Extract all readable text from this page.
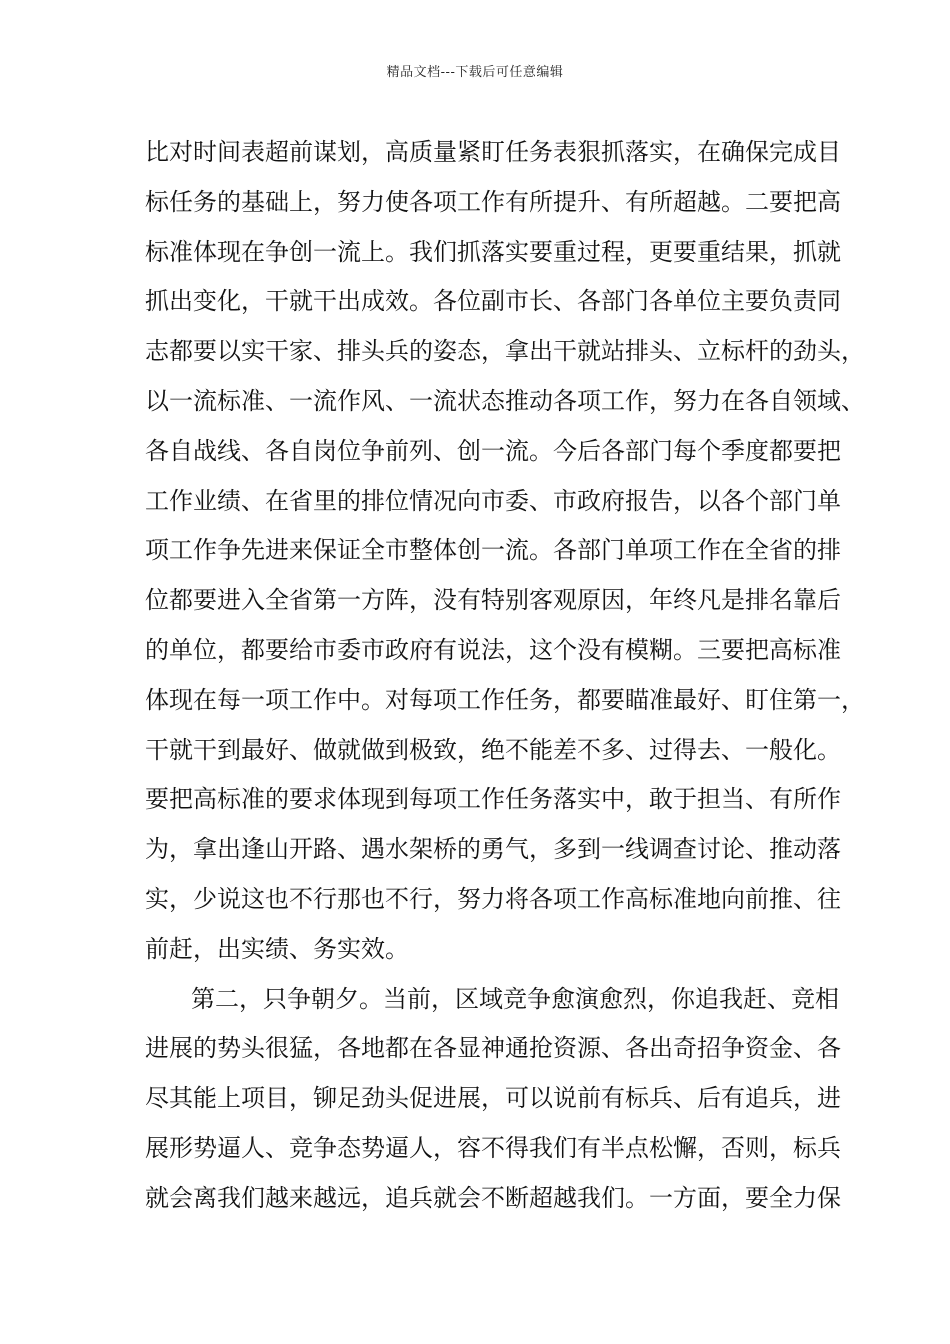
精品文档---下载后可任意编辑
比对时间表超前谋划，高质量紧盯任务表狠抓落实，在确保完成目
标任务的基础上，努力使各项工作有所提升、有所超越。二要把高
标准体现在争创一流上。我们抓落实要重过程，更要重结果，抓就
抓出变化，干就干出成效。各位副市长、各部门各单位主要负责同
志都要以实干家、排头兵的姿态，拿出干就站排头、立标杆的劲头，
以一流标准、一流作风、一流状态推动各项工作，努力在各自领域、
各自战线、各自岗位争前列、创一流。今后各部门每个季度都要把
工作业绩、在省里的排位情况向市委、市政府报告，以各个部门单
项工作争先进来保证全市整体创一流。各部门单项工作在全省的排
位都要进入全省第一方阵，没有特别客观原因，年终凡是排名靠后
的单位，都要给市委市政府有说法，这个没有模糊。三要把高标准
体现在每一项工作中。对每项工作任务，都要瞄准最好、盯住第一，
干就干到最好、做就做到极致，绝不能差不多、过得去、一般化。
要把高标准的要求体现到每项工作任务落实中，敢于担当、有所作
为，拿出逢山开路、遇水架桥的勇气，多到一线调查讨论、推动落
实，少说这也不行那也不行，努力将各项工作高标准地向前推、往
前赶，出实绩、务实效。
第二，只争朝夕。当前，区域竞争愈演愈烈，你追我赶、竞相
进展的势头很猛，各地都在各显神通抢资源、各出奇招争资金、各
尽其能上项目，铆足劲头促进展，可以说前有标兵、后有追兵，进
展形势逼人、竞争态势逼人，容不得我们有半点松懈，否则，标兵
就会离我们越来越远，追兵就会不断超越我们。一方面，要全力保
